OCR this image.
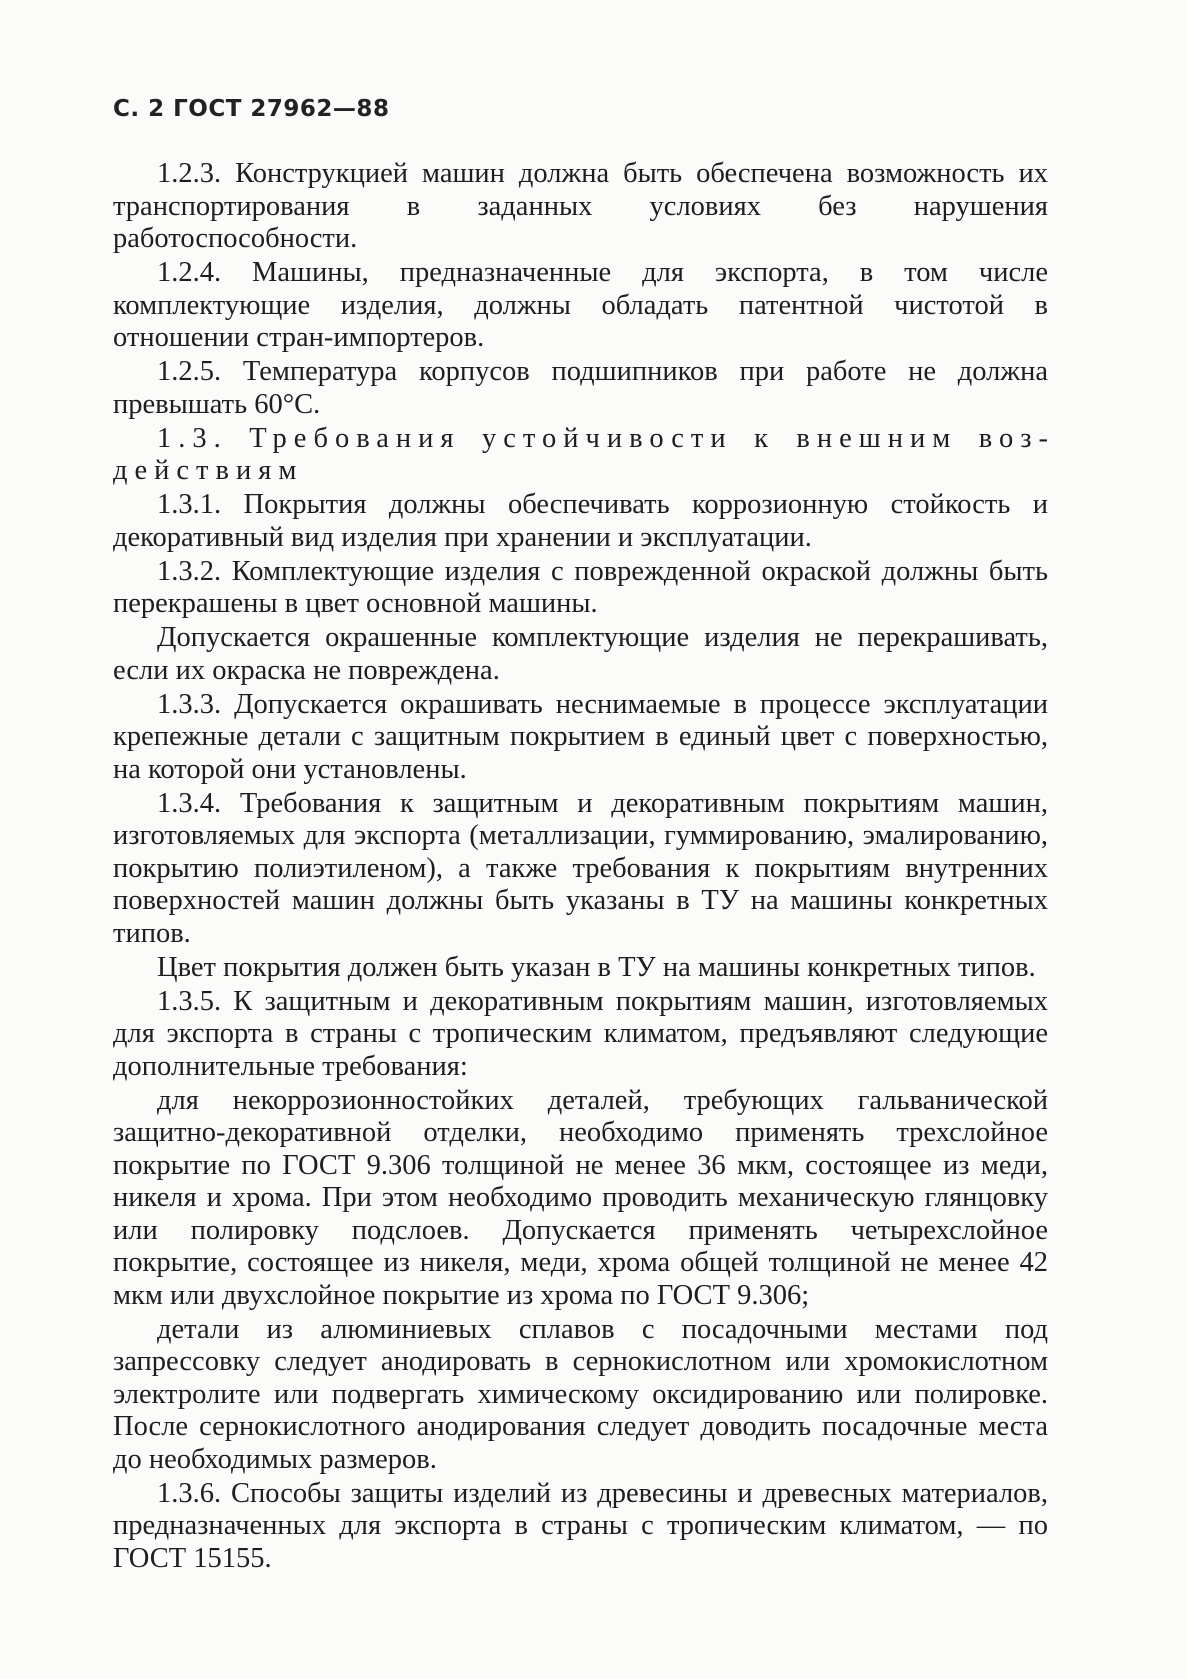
С. 2 ГОСТ 27962—88

1.2.3. Конструкцией машин должна быть обеспечена возможность их транспортирования в заданных условиях без нарушения работоспособности.

1.2.4. Машины, предназначенные для экспорта, в том числе комплектующие изделия, должны обладать патентной чистотой в отношении стран-импортеров.

1.2.5. Температура корпусов подшипников при работе не должна превышать 60°С.

1.3. Требования устойчивости к внешним воздействиям

1.3.1. Покрытия должны обеспечивать коррозионную стойкость и декоративный вид изделия при хранении и эксплуатации.

1.3.2. Комплектующие изделия с поврежденной окраской должны быть перекрашены в цвет основной машины.

Допускается окрашенные комплектующие изделия не перекрашивать, если их окраска не повреждена.

1.3.3. Допускается окрашивать неснимаемые в процессе эксплуатации крепежные детали с защитным покрытием в единый цвет с поверхностью, на которой они установлены.

1.3.4. Требования к защитным и декоративным покрытиям машин, изготовляемых для экспорта (металлизации, гуммированию, эмалированию, покрытию полиэтиленом), а также требования к покрытиям внутренних поверхностей машин должны быть указаны в ТУ на машины конкретных типов.

Цвет покрытия должен быть указан в ТУ на машины конкретных типов.

1.3.5. К защитным и декоративным покрытиям машин, изготовляемых для экспорта в страны с тропическим климатом, предъявляют следующие дополнительные требования:

для некоррозионностойких деталей, требующих гальванической защитно-декоративной отделки, необходимо применять трехслойное покрытие по ГОСТ 9.306 толщиной не менее 36 мкм, состоящее из меди, никеля и хрома. При этом необходимо проводить механическую глянцовку или полировку подслоев. Допускается применять четырехслойное покрытие, состоящее из никеля, меди, хрома общей толщиной не менее 42 мкм или двухслойное покрытие из хрома по ГОСТ 9.306;

детали из алюминиевых сплавов с посадочными местами под запрессовку следует анодировать в сернокислотном или хромокислотном электролите или подвергать химическому оксидированию или полировке. После сернокислотного анодирования следует доводить посадочные места до необходимых размеров.

1.3.6. Способы защиты изделий из древесины и древесных материалов, предназначенных для экспорта в страны с тропическим климатом, — по ГОСТ 15155.
